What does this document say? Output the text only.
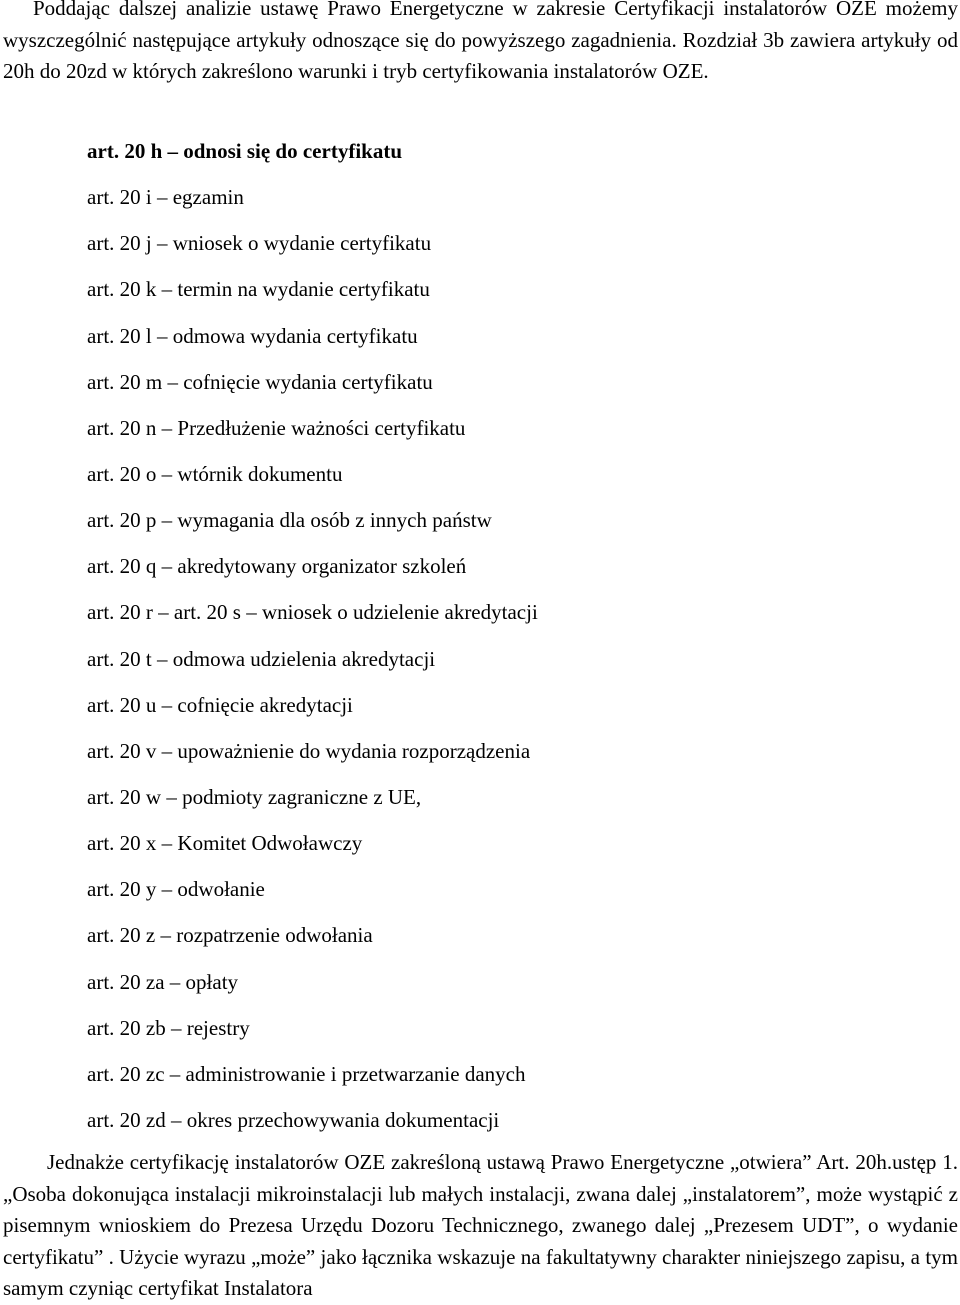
Poddając dalszej analizie ustawę Prawo Energetyczne w zakresie Certyfikacji instalatorów OZE możemy wyszczególnić następujące artykuły odnoszące się do powyższego zagadnienia. Rozdział 3b zawiera artykuły od 20h do 20zd w których zakreślono warunki i tryb certyfikowania instalatorów OZE.

art. 20 h – odnosi się do certyfikatu
art. 20 i – egzamin
art. 20 j – wniosek o wydanie certyfikatu
art. 20 k – termin na wydanie certyfikatu
art. 20 l – odmowa wydania certyfikatu
art. 20 m – cofnięcie wydania certyfikatu
art. 20 n – Przedłużenie ważności certyfikatu
art. 20 o – wtórnik dokumentu
art. 20 p – wymagania dla osób z innych państw
art. 20 q – akredytowany organizator szkoleń
art. 20 r – art. 20 s – wniosek o udzielenie akredytacji
art. 20 t – odmowa udzielenia akredytacji
art. 20 u – cofnięcie akredytacji
art. 20 v – upoważnienie do wydania rozporządzenia
art. 20 w – podmioty zagraniczne z UE,
art. 20 x – Komitet Odwoławczy
art. 20 y – odwołanie
art. 20 z – rozpatrzenie odwołania
art. 20 za – opłaty
art. 20 zb – rejestry
art. 20 zc – administrowanie i przetwarzanie danych
art. 20 zd – okres przechowywania dokumentacji

Jednakże certyfikację instalatorów OZE zakreśloną ustawą Prawo Energetyczne „otwiera” Art. 20h.ustęp 1. „Osoba dokonująca instalacji mikroinstalacji lub małych instalacji, zwana dalej „instalatorem”, może wystąpić z pisemnym wnioskiem do Prezesa Urzędu Dozoru Technicznego, zwanego dalej „Prezesem UDT”, o wydanie certyfikatu” . Użycie wyrazu „może” jako łącznika wskazuje na fakultatywny charakter niniejszego zapisu, a tym samym czyniąc certyfikat Instalatora
